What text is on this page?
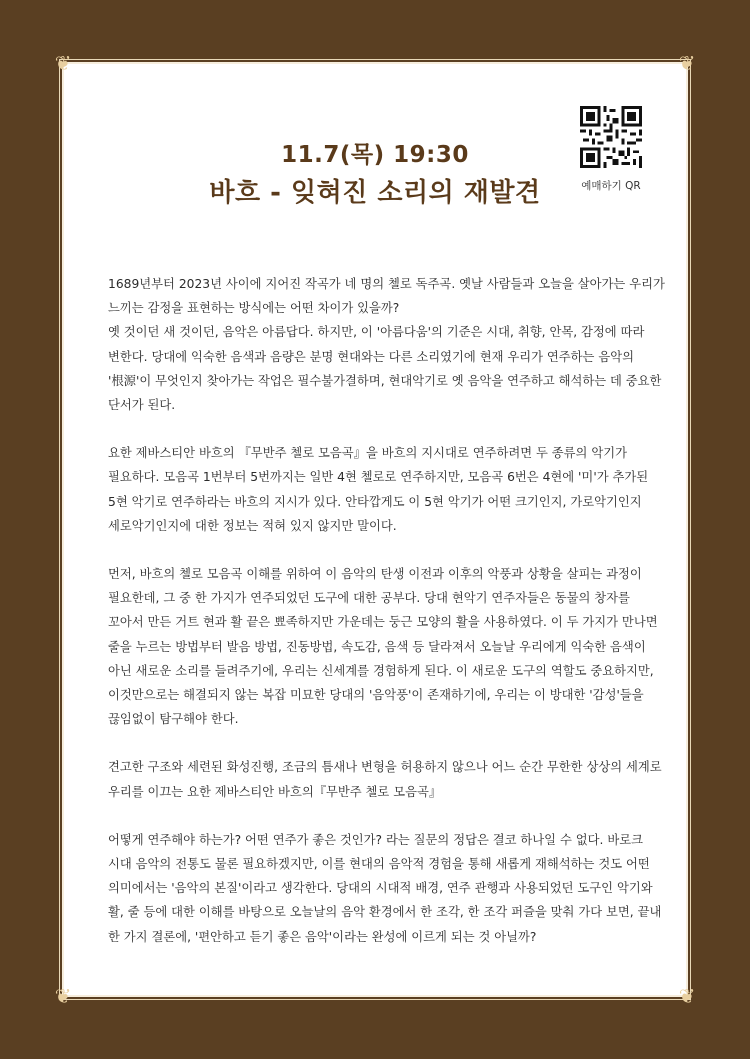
❦	❦
❦	❦
예매하기 QR
11.7(목) 19:30
바흐 - 잊혀진 소리의 재발견

1689년부터 2023년 사이에 지어진 작곡가 네 명의 첼로 독주곡. 옛날 사람들과 오늘을 살아가는 우리가
느끼는 감정을 표현하는 방식에는 어떤 차이가 있을까?
옛 것이던 새 것이던, 음악은 아름답다. 하지만, 이 '아름다움'의 기준은 시대, 취향, 안목, 감정에 따라
변한다. 당대에 익숙한 음색과 음량은 분명 현대와는 다른 소리였기에 현재 우리가 연주하는 음악의
'根源'이 무엇인지 찾아가는 작업은 필수불가결하며, 현대악기로 옛 음악을 연주하고 해석하는 데 중요한
단서가 된다.

요한 제바스티안 바흐의 『무반주 첼로 모음곡』을 바흐의 지시대로 연주하려면 두 종류의 악기가
필요하다. 모음곡 1번부터 5번까지는 일반 4현 첼로로 연주하지만, 모음곡 6번은 4현에 '미'가 추가된
5현 악기로 연주하라는 바흐의 지시가 있다. 안타깝게도 이 5현 악기가 어떤 크기인지, 가로악기인지
세로악기인지에 대한 정보는 적혀 있지 않지만 말이다.

먼저, 바흐의 첼로 모음곡 이해를 위하여 이 음악의 탄생 이전과 이후의 악풍과 상황을 살피는 과정이
필요한데, 그 중 한 가지가 연주되었던 도구에 대한 공부다. 당대 현악기 연주자들은 동물의 창자를
꼬아서 만든 거트 현과 활 끝은 뾰족하지만 가운데는 둥근 모양의 활을 사용하였다. 이 두 가지가 만나면
줄을 누르는 방법부터 발음 방법, 진동방법, 속도감, 음색 등 달라져서 오늘날 우리에게 익숙한 음색이
아닌 새로운 소리를 들려주기에, 우리는 신세계를 경험하게 된다. 이 새로운 도구의 역할도 중요하지만,
이것만으로는 해결되지 않는 복잡 미묘한 당대의 '음악풍'이 존재하기에, 우리는 이 방대한 '감성'들을
끊임없이 탐구해야 한다.

견고한 구조와 세련된 화성진행, 조금의 틈새나 변형을 허용하지 않으나 어느 순간 무한한 상상의 세계로
우리를 이끄는 요한 제바스티안 바흐의『무반주 첼로 모음곡』

어떻게 연주해야 하는가? 어떤 연주가 좋은 것인가? 라는 질문의 정답은 결코 하나일 수 없다. 바로크
시대 음악의 전통도 물론 필요하겠지만, 이를 현대의 음악적 경험을 통해 새롭게 재해석하는 것도 어떤
의미에서는 '음악의 본질'이라고 생각한다. 당대의 시대적 배경, 연주 관행과 사용되었던 도구인 악기와
활, 줄 등에 대한 이해를 바탕으로 오늘날의 음악 환경에서 한 조각, 한 조각 퍼즐을 맞춰 가다 보면, 끝내
한 가지 결론에, '편안하고 듣기 좋은 음악'이라는 완성에 이르게 되는 것 아닐까?
